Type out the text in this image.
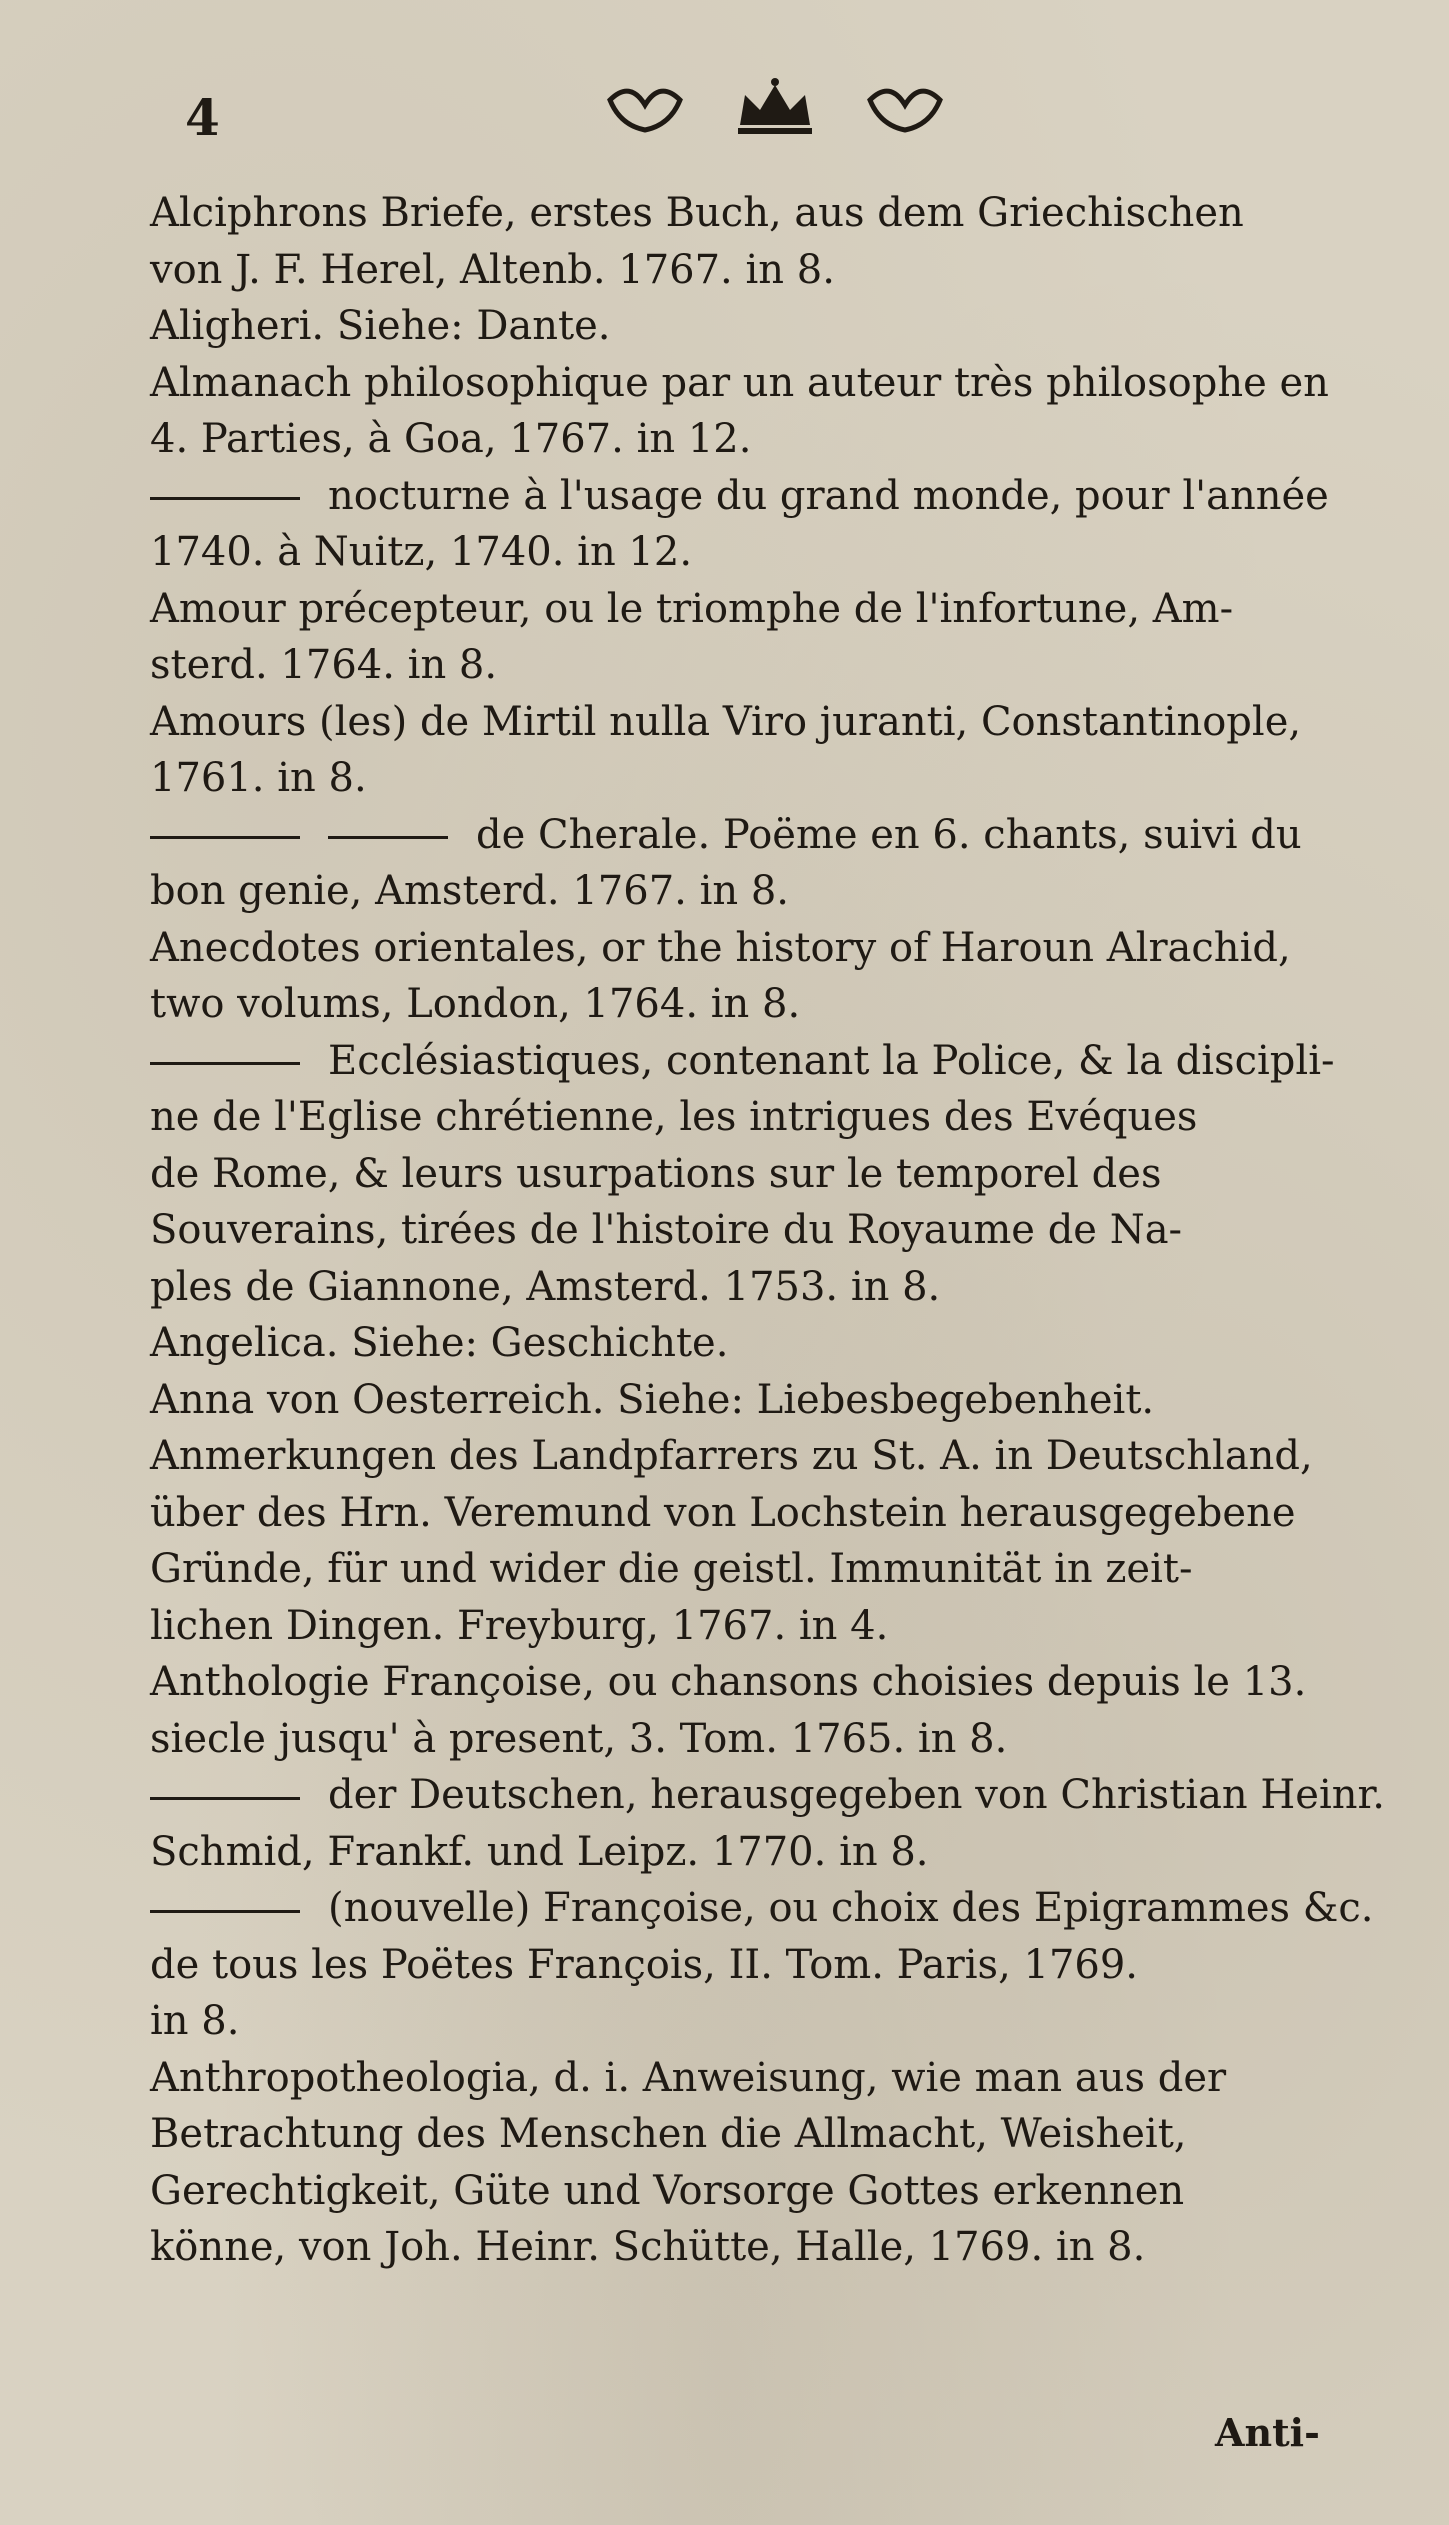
4
Alciphrons Briefe, erstes Buch, aus dem Griechischen
von J. F. Herel, Altenb. 1767. in 8.
Aligheri. Siehe: Dante.
Almanach philosophique par un auteur très philosophe en
4. Parties, à Goa, 1767. in 12.
nocturne à l'usage du grand monde, pour l'année
1740. à Nuitz, 1740. in 12.
Amour précepteur, ou le triomphe de l'infortune, Am-
sterd. 1764. in 8.
Amours (les) de Mirtil nulla Viro juranti, Constantinople,
1761. in 8.
de Cherale. Poëme en 6. chants, suivi du
bon genie, Amsterd. 1767. in 8.
Anecdotes orientales, or the history of Haroun Alrachid,
two volums, London, 1764. in 8.
Ecclésiastiques, contenant la Police, & la discipli-
ne de l'Eglise chrétienne, les intrigues des Evéques
de Rome, & leurs usurpations sur le temporel des
Souverains, tirées de l'histoire du Royaume de Na-
ples de Giannone, Amsterd. 1753. in 8.
Angelica. Siehe: Geschichte.
Anna von Oesterreich. Siehe: Liebesbegebenheit.
Anmerkungen des Landpfarrers zu St. A. in Deutschland,
über des Hrn. Veremund von Lochstein herausgegebene
Gründe, für und wider die geistl. Immunität in zeit-
lichen Dingen. Freyburg, 1767. in 4.
Anthologie Françoise, ou chansons choisies depuis le 13.
siecle jusqu' à present, 3. Tom. 1765. in 8.
der Deutschen, herausgegeben von Christian Heinr.
Schmid, Frankf. und Leipz. 1770. in 8.
(nouvelle) Françoise, ou choix des Epigrammes &c.
de tous les Poëtes François, II. Tom. Paris, 1769.
in 8.
Anthropotheologia, d. i. Anweisung, wie man aus der
Betrachtung des Menschen die Allmacht, Weisheit,
Gerechtigkeit, Güte und Vorsorge Gottes erkennen
könne, von Joh. Heinr. Schütte, Halle, 1769. in 8.
Anti-
